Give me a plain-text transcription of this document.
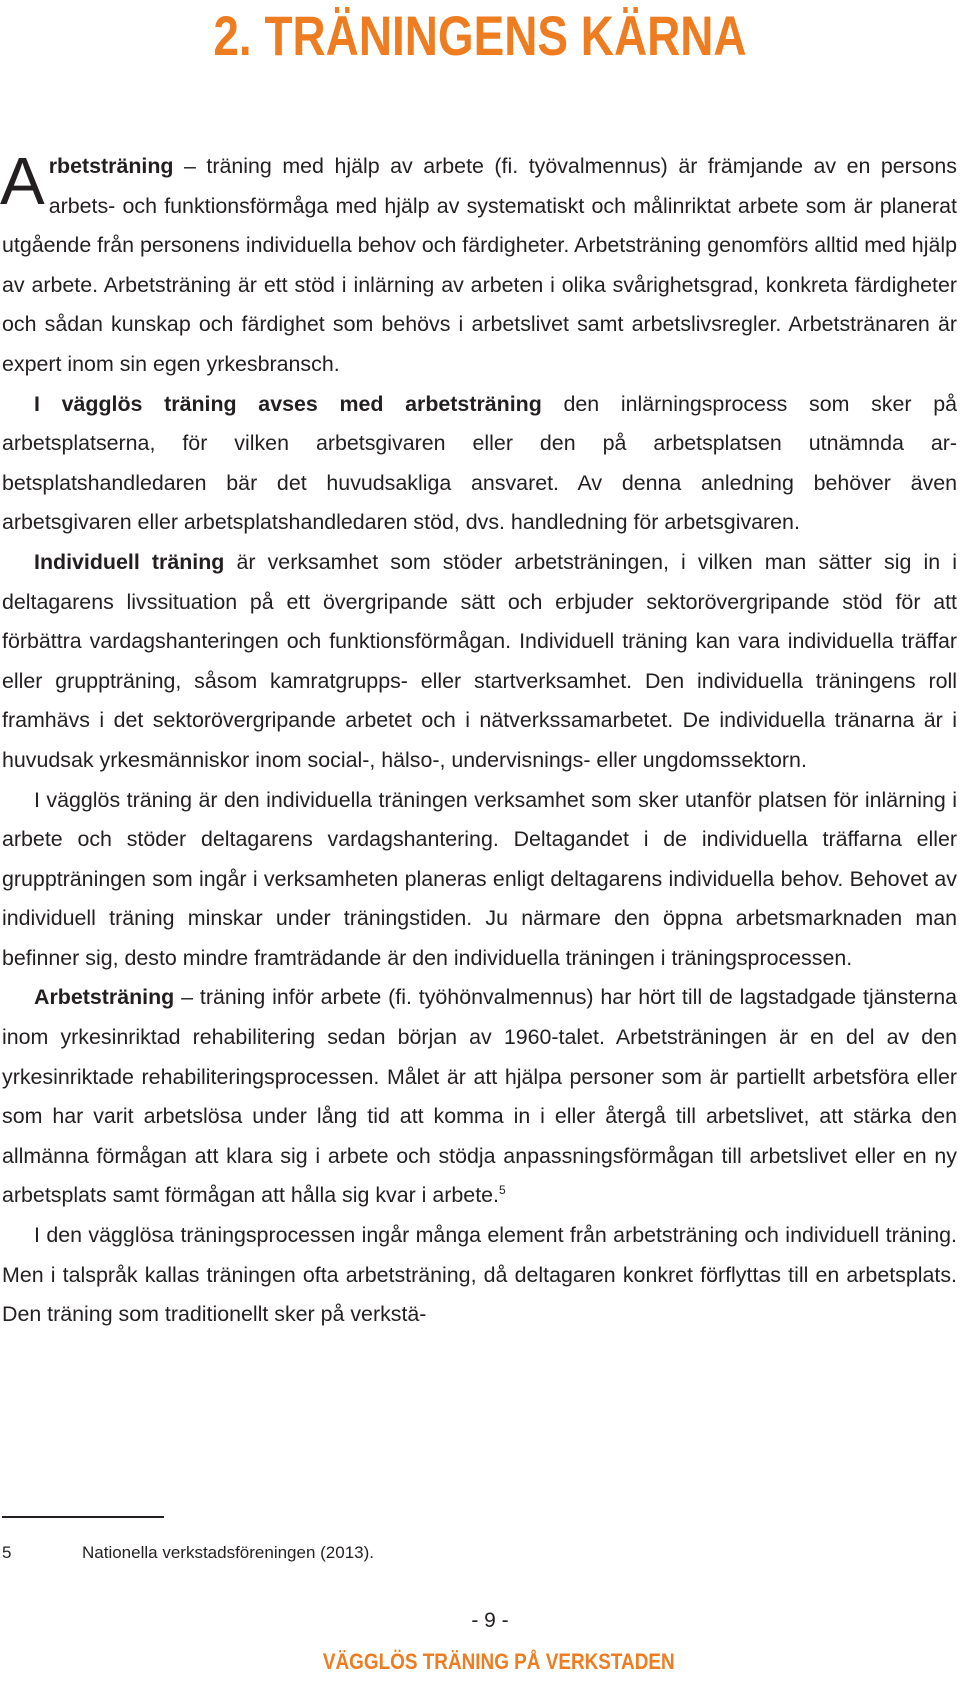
2. TRÄNINGENS KÄRNA

Arbetsträning – träning med hjälp av arbete (fi. työvalmennus) är främjande av en persons arbets- och funktionsförmåga med hjälp av systematiskt och målinriktat arbete som är planerat utgående från personens individuella behov och färdigheter. Arbetsträning genomförs alltid med hjälp av arbete. Arbetsträning är ett stöd i inlärning av arbeten i olika svårighetsgrad, konkreta färdigheter och sådan kunskap och färdighet som behövs i arbetslivet samt arbetslivsregler. Arbetstränaren är expert inom sin egen yrkesbransch.

I vägglös träning avses med arbetsträning den inlärningsprocess som sker på arbetsplatserna, för vilken arbetsgivaren eller den på arbetsplatsen utnämnda arbetsplatshandledaren bär det huvudsakliga ansvaret. Av denna anledning behöver även arbetsgivaren eller arbetsplatshandledaren stöd, dvs. handledning för arbetsgivaren.

Individuell träning är verksamhet som stöder arbetsträningen, i vilken man sätter sig in i deltagarens livssituation på ett övergripande sätt och erbjuder sektorövergripande stöd för att förbättra vardagshanteringen och funktionsförmågan. Individuell träning kan vara individuella träffar eller gruppträning, såsom kamratgrupps- eller startverksamhet. Den individuella träningens roll framhävs i det sektorövergripande arbetet och i nätverkssamarbetet. De individuella tränarna är i huvudsak yrkesmänniskor inom social-, hälso-, undervisnings- eller ungdomssektorn.

I vägglös träning är den individuella träningen verksamhet som sker utanför platsen för inlärning i arbete och stöder deltagarens vardagshantering. Deltagandet i de individuella träffarna eller gruppträningen som ingår i verksamheten planeras enligt deltagarens individuella behov. Behovet av individuell träning minskar under träningstiden. Ju närmare den öppna arbetsmarknaden man befinner sig, desto mindre framträdande är den individuella träningen i träningsprocessen.

Arbetsträning – träning inför arbete (fi. työhönvalmennus) har hört till de lagstadgade tjänsterna inom yrkesinriktad rehabilitering sedan början av 1960-talet. Arbetsträningen är en del av den yrkesinriktade rehabiliteringsprocessen. Målet är att hjälpa personer som är partiellt arbetsföra eller som har varit arbetslösa under lång tid att komma in i eller återgå till arbetslivet, att stärka den allmänna förmågan att klara sig i arbete och stödja anpassningsförmågan till arbetslivet eller en ny arbetsplats samt förmågan att hålla sig kvar i arbete.$^5$

I den vägglösa träningsprocessen ingår många element från arbetsträning och individuell träning. Men i talspråk kallas träningen ofta arbetsträning, då deltagaren konkret förflyttas till en arbetsplats. Den träning som traditionellt sker på verkstä-

5	Nationella verkstadsföreningen (2013).
- 9 -
VÄGGLÖS TRÄNING PÅ VERKSTADEN
